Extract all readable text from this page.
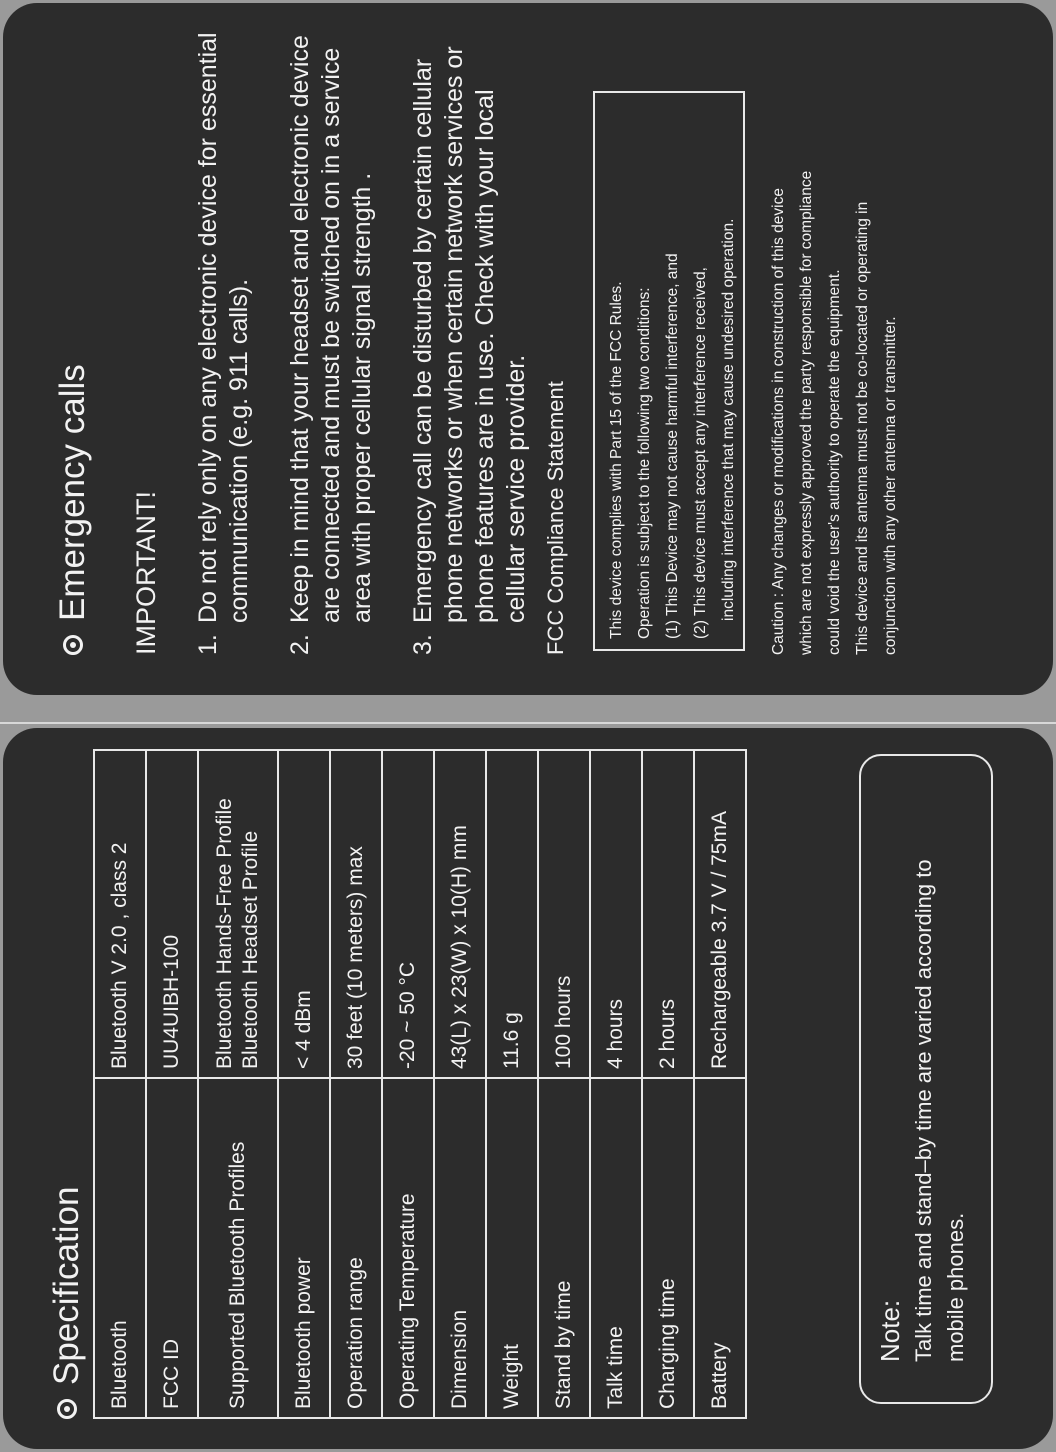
Emergency calls IMPORTANT! 1.
Do not rely only on any electronic device for essential communication (e.g. 911 calls).
2.
Keep in mind that your headset and electronic device are connected and must be switched on in a service area with proper cellular signal strength .
3.
Emergency call can be disturbed by certain cellular phone networks or when certain network services or phone features are in use. Check with your local cellular service provider. FCC Compliance Statement	This device complies with Part 15 of the FCC Rules. Operation is subject to the following two conditions: (1) This Device may not cause harmful interference, and (2) This device must accept any interference received, including interference that may cause undesired operation.	Caution : Any changes or modifications in construction of this device which are not expressly approved the party responsible for compliance could void the user's authority to operate the equipment. This device and its antenna must not be co-located or operating in conjunction with any other antenna or transmitter.
Specification Bluetooth	Bluetooth V 2.0 , class 2
FCC ID	UU4UIBH-100
Supported Bluetooth Profiles	Bluetooth Hands-Free Profile Bluetooth Headset Profile

Bluetooth power	< 4 dBm
Operation range	30 feet (10 meters) max
Operating Temperature	-20 ~ 50 °C
Dimension	43(L) x 23(W) x 10(H) mm
Weight	11.6 g
Stand by time	100 hours
Talk time	4 hours
Charging time	2 hours
Battery	Rechargeable 3.7 V / 75mA
Note: Talk time and stand–by time are varied according to mobile phones.
